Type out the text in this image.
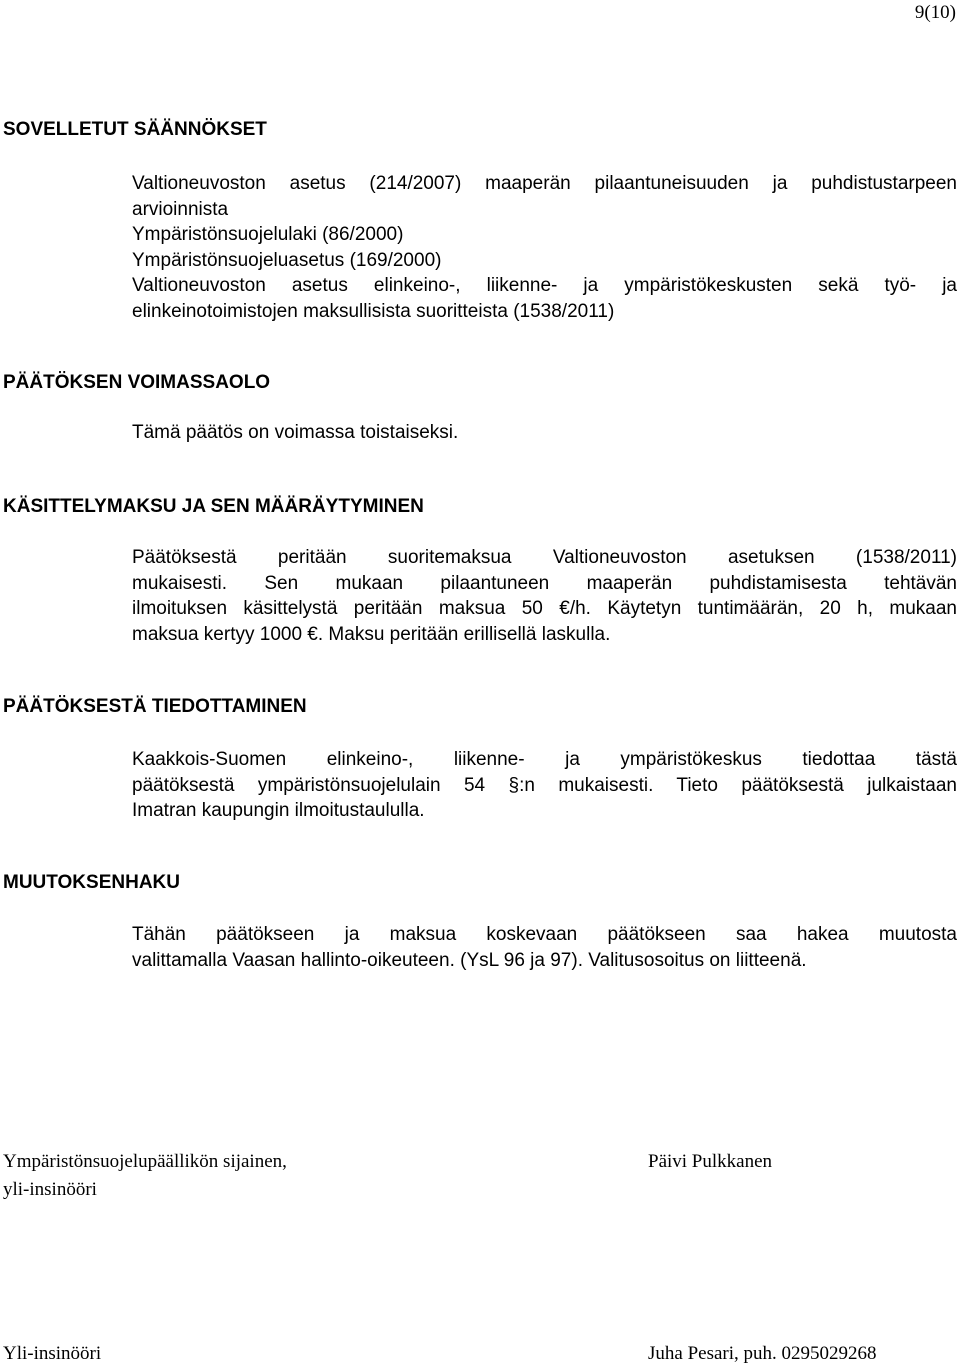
9(10)
SOVELLETUT SÄÄNNÖKSET
Valtioneuvoston asetus (214/2007) maaperän pilaantuneisuuden ja puhdistustarpeen
arvioinnista
Ympäristönsuojelulaki (86/2000)
Ympäristönsuojeluasetus (169/2000)
Valtioneuvoston asetus elinkeino-, liikenne- ja ympäristökeskusten sekä työ- ja
elinkeinotoimistojen maksullisista suoritteista (1538/2011)
PÄÄTÖKSEN VOIMASSAOLO
Tämä päätös on voimassa toistaiseksi.
KÄSITTELYMAKSU JA SEN MÄÄRÄYTYMINEN
Päätöksestä peritään suoritemaksua Valtioneuvoston asetuksen (1538/2011)
mukaisesti. Sen mukaan pilaantuneen maaperän puhdistamisesta tehtävän
ilmoituksen käsittelystä peritään maksua 50 €/h. Käytetyn tuntimäärän, 20 h, mukaan
maksua kertyy 1000 €. Maksu peritään erillisellä laskulla.
PÄÄTÖKSESTÄ TIEDOTTAMINEN
Kaakkois-Suomen elinkeino-, liikenne- ja ympäristökeskus tiedottaa tästä
päätöksestä ympäristönsuojelulain 54 §:n mukaisesti. Tieto päätöksestä julkaistaan
Imatran kaupungin ilmoitustaululla.
MUUTOKSENHAKU
Tähän päätökseen ja maksua koskevaan päätökseen saa hakea muutosta
valittamalla Vaasan hallinto-oikeuteen. (YsL 96 ja 97). Valitusosoitus on liitteenä.
Ympäristönsuojelupäällikön sijainen,
yli-insinööri
Päivi Pulkkanen
Yli-insinööri	Juha Pesari, puh. 0295029268
